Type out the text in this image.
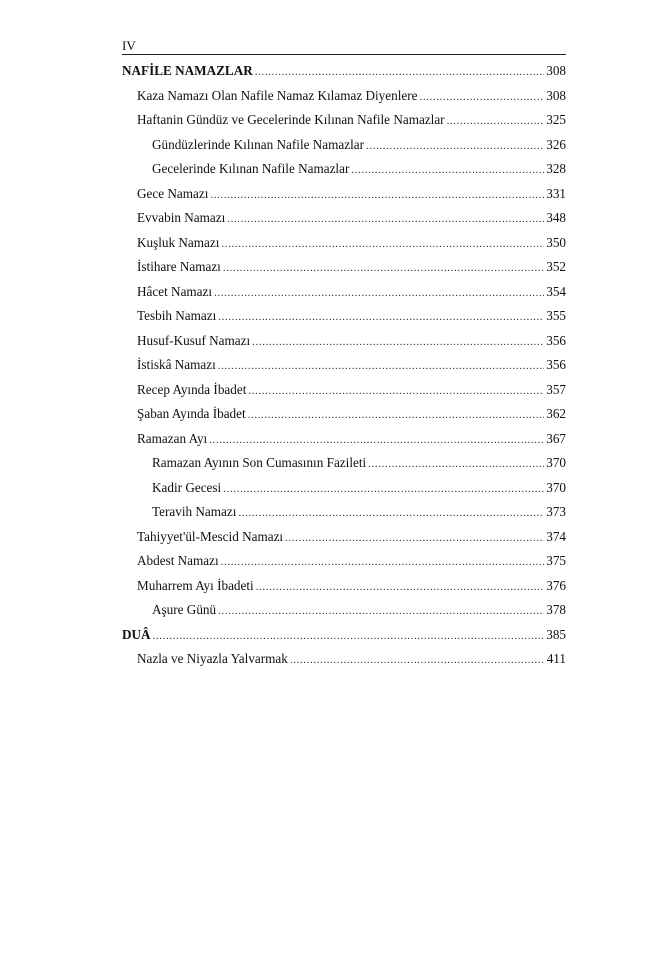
IV
NAFİLE NAMAZLAR .....	308
Kaza Namazı Olan Nafile Namaz Kılamaz Diyenlere .....	308
Haftanin Gündüz ve Gecelerinde Kılınan Nafile Namazlar .....	325
Gündüzlerinde Kılınan Nafile Namazlar .....	326
Gecelerinde Kılınan Nafile Namazlar .....	328
Gece Namazı .....	331
Evvabin Namazı .....	348
Kuşluk Namazı .....	350
İstihare Namazı .....	352
Hâcet Namazı .....	354
Tesbih Namazı .....	355
Husuf-Kusuf Namazı .....	356
İstiskâ Namazı .....	356
Recep Ayında İbadet .....	357
Şaban Ayında İbadet .....	362
Ramazan Ayı .....	367
Ramazan Ayının Son Cumasının Fazileti .....	370
Kadir Gecesi .....	370
Teravih Namazı .....	373
Tahiyyet'ül-Mescid Namazı .....	374
Abdest Namazı .....	375
Muharrem Ayı İbadeti .....	376
Aşure Günü .....	378
DUÂ .....	385
Nazla ve Niyazla Yalvarmak .....	411
